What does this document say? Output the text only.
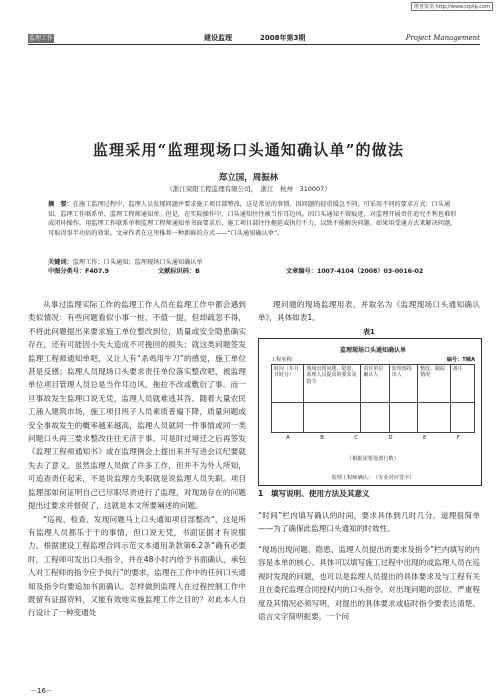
维普资讯 http://www.cqvip.com
监理工作	建设监理	2008年第3期	Project Management
监理采用“监理现场口头通知确认单”的做法
郑立国，周振林
（浙江荣阳工程监理有限公司，　浙江　杭州　310007）
摘　要：在施工监理过程中，监理人员发现问题并要求施工项目部整改，这是常见的事情。因问题的轻重缓急不同，可采用不同的要求方式：口头通知、监理工作联系单、监理工程师通知单。但是，在实际操作中，口头通知往往被当作耳边风。因口头通知不留痕迹，对监理开展责任追究不利也难形成闭环操作。用监理工作联系单和监理工程师通知单书面要求后，施工项目部往往拖延或执行不力，以致不能解决问题。如果用受通方式来解决问题，可取得事半功倍的效果。文章作者在这里推荐一种新鲜的方式——“口头通知确认单”。
关键词：监理工作；口头通知；监理现场口头通知确认单
中图分类号：F407.9	文献标识码：B	文章编号：1007-4104（2008）03-0016-02

从事过监理实际工作的监理工作人员在监理工作中都会遇到类似情况：有些问题看似小事一桩、不值一提，但却疏忽不得，不将此问题提出来要求施工单位整改到位，质量或安全隐患确实存在，还有可能因小失大造成不可挽回的损失；就这类问题签发监理工程师通知单吧，又让人有“杀鸡用牛刀”的感觉，施工单位甚是反感；监理人员现场口头要求责任单位落实整改吧，被监理单位项目管理人员总是当作耳边风，拖拉不改或敷衍了事。而一旦事故发生监理口说无凭，监理人员就难逃其咎。随着大量农民工涌入建筑市场，施工项目班子人员素质普遍下降，质量问题或安全事故发生的概率越来越高，监理人员就同一件事情或同一类问题口头再三要求整改往往无济于事。可是时过境迁之后再签发《监理工程师通知书》或在监理例会上提出来并写进会议纪要就失去了意义。虽然监理人员做了许多工作，但并不为外人所知，可追查责任起来，不是说监理方失职就是说监理人员失职。项目监理部如何证明自己已尽职尽责进行了监理，对现场存在的问题提出过要求并督促了，这就是本文所要阐述的问题。

“巡视、检查、发现问题马上口头通知项目部整改”，这是所有监理人员都乐于干的事情，但口说无凭，书面证据才有说服力。根据建设工程监理合同示范文本通用条款第6.2条“确有必要时，工程师可发出口头指令，并在48小时内给予书面确认，承包人对工程师的指令应予执行”的要求，监理在工作中的任何口头通知及指令均要追加书面确认。怎样做到监理人在过程控制工作中既留有证据资料，又能有效地实施监理工作之目的？对此本人自行设计了一种变通处

理问题的现场监理用表，并取名为《监理现场口头通知确认单》，具体如表1。

表1
监理现场口头通知确认单
工程名称：	编号：T械A
时间（年月日时分）	现场出现问题、隐患、监理人员提出的要求及指令	责任单位确认人	监理部指出人	整改、跟踪情况	备注

A	B	C	D	E	F
（根据需要设置行数）
监理工程师确认：　（专业对应签字）
1　填写说明、使用方法及其意义

“时间”栏内填写确认的时间，要求具体到几时几分。道理很简单——为了确保此监理口头通知的时效性。

“现场出现问题、隐患、监理人员提出的要求及指令”栏内填写的内容是本单的核心。具体可以填写施工过程中出现的或监理人员在巡视时发现的问题，也可以是监理人员提出的具体要求及与工程有关且在委托监理合同授权内的口头指令。对出现问题的部位、严重程度及其情况必须写明，对提出的具体要求或临时指令要表达清楚。语言文字简明扼要，一个问

－16－
